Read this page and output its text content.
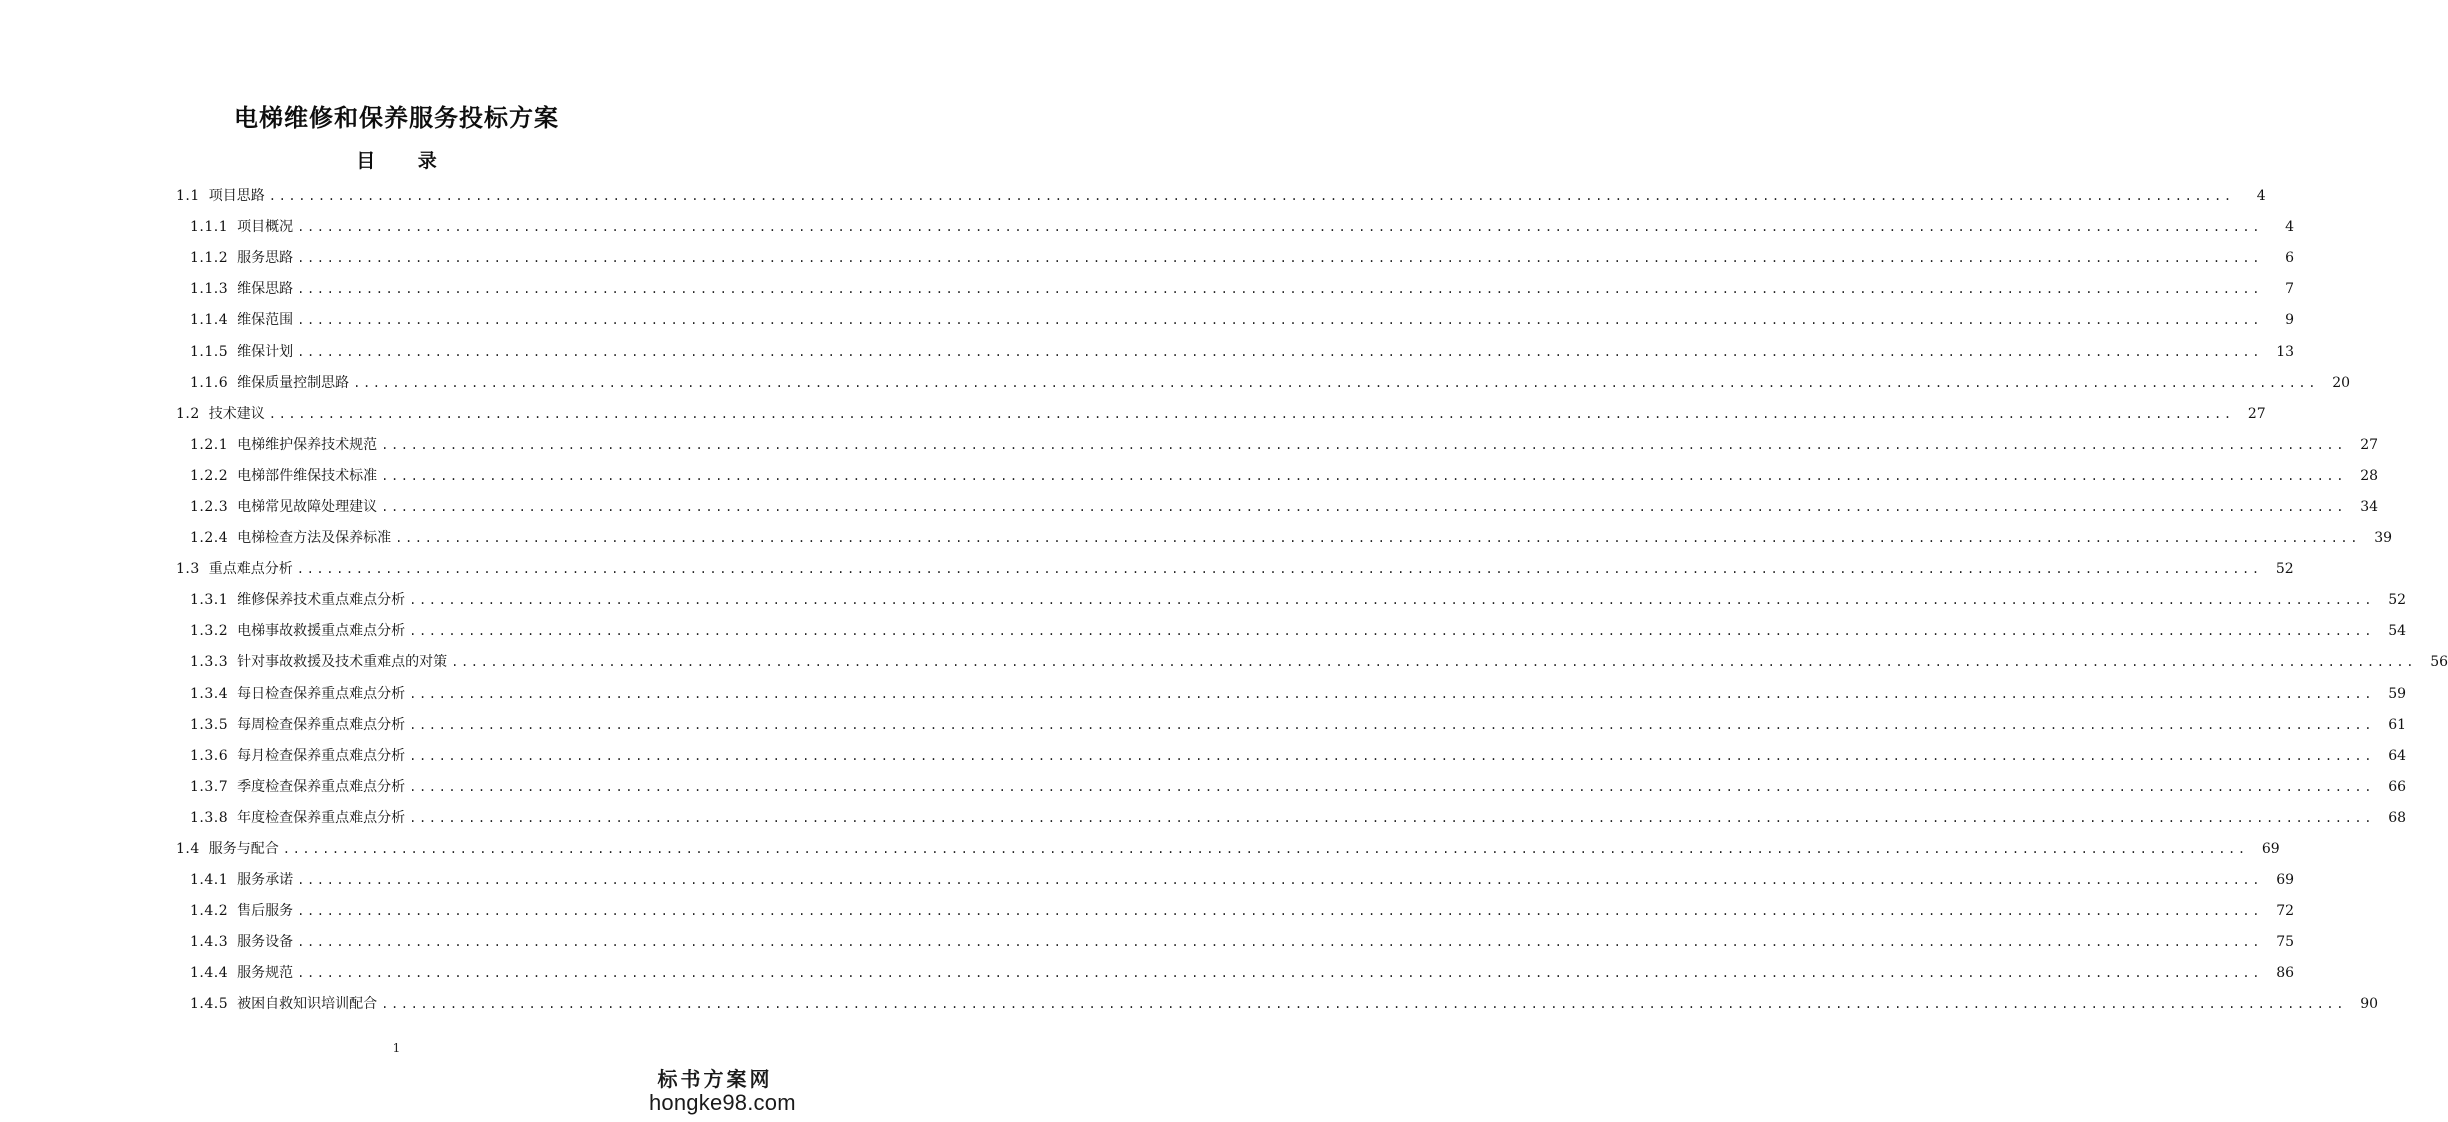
电梯维修和保养服务投标方案
目 录
1.1 项目思路 ........................................................................................................................................................................................................	4
1.1.1 项目概况 ........................................................................................................................................................................................................	4
1.1.2 服务思路 ........................................................................................................................................................................................................	6
1.1.3 维保思路 ........................................................................................................................................................................................................	7
1.1.4 维保范围 ........................................................................................................................................................................................................	9
1.1.5 维保计划 ........................................................................................................................................................................................................	13
1.1.6 维保质量控制思路 ........................................................................................................................................................................................................	20
1.2 技术建议 ........................................................................................................................................................................................................	27
1.2.1 电梯维护保养技术规范 ........................................................................................................................................................................................................	27
1.2.2 电梯部件维保技术标准 ........................................................................................................................................................................................................	28
1.2.3 电梯常见故障处理建议 ........................................................................................................................................................................................................	34
1.2.4 电梯检查方法及保养标准 ........................................................................................................................................................................................................	39
1.3 重点难点分析 ........................................................................................................................................................................................................	52
1.3.1 维修保养技术重点难点分析 ........................................................................................................................................................................................................	52
1.3.2 电梯事故救援重点难点分析 ........................................................................................................................................................................................................	54
1.3.3 针对事故救援及技术重难点的对策 ........................................................................................................................................................................................................	56
1.3.4 每日检查保养重点难点分析 ........................................................................................................................................................................................................	59
1.3.5 每周检查保养重点难点分析 ........................................................................................................................................................................................................	61
1.3.6 每月检查保养重点难点分析 ........................................................................................................................................................................................................	64
1.3.7 季度检查保养重点难点分析 ........................................................................................................................................................................................................	66
1.3.8 年度检查保养重点难点分析 ........................................................................................................................................................................................................	68
1.4 服务与配合 ........................................................................................................................................................................................................	69
1.4.1 服务承诺 ........................................................................................................................................................................................................	69
1.4.2 售后服务 ........................................................................................................................................................................................................	72
1.4.3 服务设备 ........................................................................................................................................................................................................	75
1.4.4 服务规范 ........................................................................................................................................................................................................	86
1.4.5 被困自救知识培训配合 ........................................................................................................................................................................................................	90
1
标书方案网
hongke98.com
